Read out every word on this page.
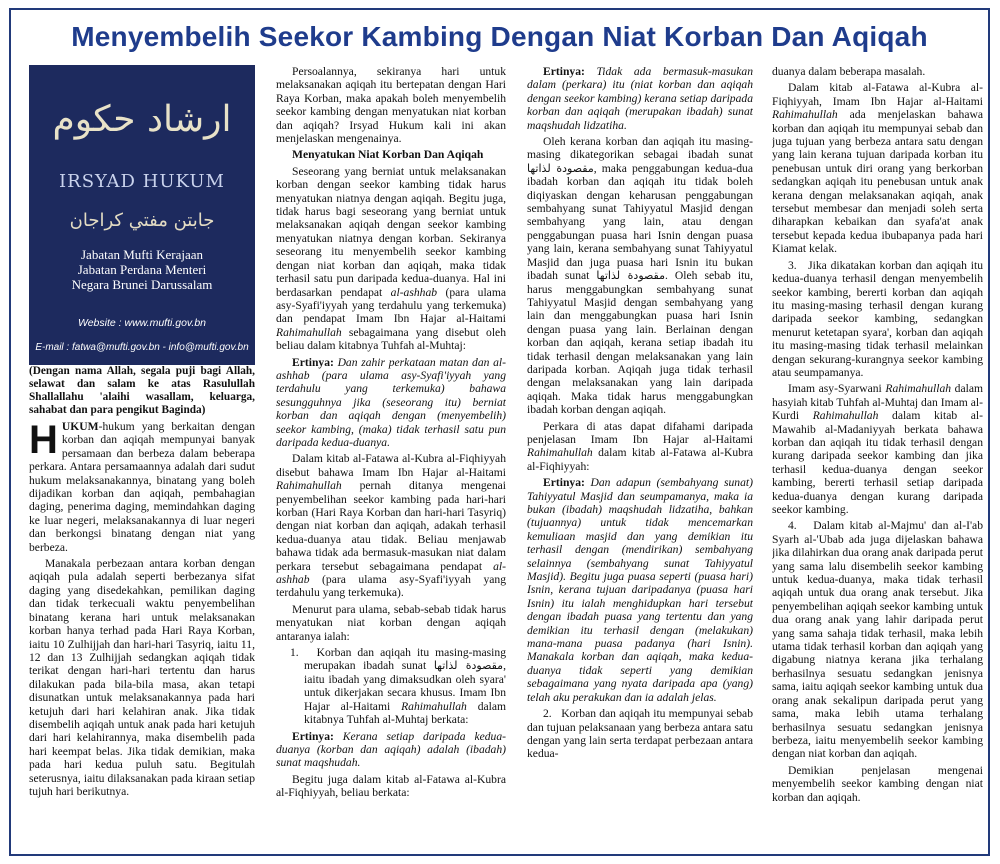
Menyembelih Seekor Kambing Dengan Niat Korban Dan Aqiqah
ارشاد حكوم
IRSYAD HUKUM
جابتن مفتي كراجان
Jabatan Mufti Kerajaan
Jabatan Perdana Menteri
Negara Brunei Darussalam
Website : www.mufti.gov.bn
E-mail : fatwa@mufti.gov.bn - info@mufti.gov.bn

(Dengan nama Allah, segala puji bagi Allah, selawat dan salam ke atas Rasulullah Shallallahu 'alaihi wasallam, keluarga, sahabat dan para pengikut Baginda)

HUKUM-hukum yang berkaitan dengan korban dan aqiqah mempunyai banyak persamaan dan berbeza dalam beberapa perkara. Antara persamaannya adalah dari sudut hukum melaksanakannya, binatang yang boleh dijadikan korban dan aqiqah, pembahagian daging, penerima daging, memindahkan daging ke luar negeri, melaksanakannya di luar negeri dan berkongsi binatang dengan niat yang berbeza.

Manakala perbezaan antara korban dengan aqiqah pula adalah seperti berbezanya sifat daging yang disedekahkan, pemilikan daging dan tidak terkecuali waktu penyembelihan binatang kerana hari untuk melaksanakan korban hanya terhad pada Hari Raya Korban, iaitu 10 Zulhijjah dan hari-hari Tasyriq, iaitu 11, 12 dan 13 Zulhijjah sedangkan aqiqah tidak terikat dengan hari-hari tertentu dan harus dilakukan pada bila-bila masa, akan tetapi disunatkan untuk melaksanakannya pada hari ketujuh dari hari kelahiran anak. Jika tidak disembelih aqiqah untuk anak pada hari ketujuh dari hari kelahirannya, maka disembelih pada hari keempat belas. Jika tidak demikian, maka pada hari kedua puluh satu. Begitulah seterusnya, iaitu dilaksanakan pada kiraan setiap tujuh hari berikutnya.

Persoalannya, sekiranya hari untuk melaksanakan aqiqah itu bertepatan dengan Hari Raya Korban, maka apakah boleh menyembelih seekor kambing dengan menyatukan niat korban dan aqiqah? Irsyad Hukum kali ini akan menjelaskan mengenainya.

Menyatukan Niat Korban Dan Aqiqah

Seseorang yang berniat untuk melaksanakan korban dengan seekor kambing tidak harus menyatukan niatnya dengan aqiqah. Begitu juga, tidak harus bagi seseorang yang berniat untuk melaksanakan aqiqah dengan seekor kambing menyatukan niatnya dengan korban. Sekiranya seseorang itu menyembelih seekor kambing dengan niat korban dan aqiqah, maka tidak terhasil satu pun daripada kedua-duanya. Hal ini berdasarkan pendapat al-ashhab (para ulama asy-Syafi'iyyah yang terdahulu yang terkemuka) dan pendapat Imam Ibn Hajar al-Haitami Rahimahullah sebagaimana yang disebut oleh beliau dalam kitabnya Tuhfah al-Muhtaj:

Ertinya: Dan zahir perkataan matan dan al-ashhab (para ulama asy-Syafi'iyyah yang terdahulu yang terkemuka) bahawa sesungguhnya jika (seseorang itu) berniat korban dan aqiqah dengan (menyembelih) seekor kambing, (maka) tidak terhasil satu pun daripada kedua-duanya.

Dalam kitab al-Fatawa al-Kubra al-Fiqhiyyah disebut bahawa Imam Ibn Hajar al-Haitami Rahimahullah pernah ditanya mengenai penyembelihan seekor kambing pada hari-hari korban (Hari Raya Korban dan hari-hari Tasyriq) dengan niat korban dan aqiqah, adakah terhasil kedua-duanya atau tidak. Beliau menjawab bahawa tidak ada bermasuk-masukan niat dalam perkara tersebut sebagaimana pendapat al-ashhab (para ulama asy-Syafi'iyyah yang terdahulu yang terkemuka).

Menurut para ulama, sebab-sebab tidak harus menyatukan niat korban dengan aqiqah antaranya ialah:

1. Korban dan aqiqah itu masing-masing merupakan ibadah sunat مقصودة لذاتها, iaitu ibadah yang dimaksudkan oleh syara' untuk dikerjakan secara khusus. Imam Ibn Hajar al-Haitami Rahimahullah dalam kitabnya Tuhfah al-Muhtaj berkata:

Ertinya: Kerana setiap daripada kedua-duanya (korban dan aqiqah) adalah (ibadah) sunat maqshudah.

Begitu juga dalam kitab al-Fatawa al-Kubra al-Fiqhiyyah, beliau berkata:

Ertinya: Tidak ada bermasuk-masukan dalam (perkara) itu (niat korban dan aqiqah dengan seekor kambing) kerana setiap daripada korban dan aqiqah (merupakan ibadah) sunat maqshudah lidzatiha.

Oleh kerana korban dan aqiqah itu masing-masing dikategorikan sebagai ibadah sunat مقصودة لذاتها, maka penggabungan kedua-dua ibadah korban dan aqiqah itu tidak boleh diqiyaskan dengan keharusan penggabungan sembahyang sunat Tahiyyatul Masjid dengan sembahyang yang lain, atau dengan penggabungan puasa hari Isnin dengan puasa yang lain, kerana sembahyang sunat Tahiyyatul Masjid dan juga puasa hari Isnin itu bukan ibadah sunat مقصودة لذاتها. Oleh sebab itu, harus menggabungkan sembahyang sunat Tahiyyatul Masjid dengan sembahyang yang lain dan menggabungkan puasa hari Isnin dengan puasa yang lain. Berlainan dengan korban dan aqiqah, kerana setiap ibadah itu tidak terhasil dengan melaksanakan yang lain daripada korban. Aqiqah juga tidak terhasil dengan melaksanakan yang lain daripada aqiqah. Maka tidak harus menggabungkan ibadah korban dengan aqiqah.

Perkara di atas dapat difahami daripada penjelasan Imam Ibn Hajar al-Haitami Rahimahullah dalam kitab al-Fatawa al-Kubra al-Fiqhiyyah:

Ertinya: Dan adapun (sembahyang sunat) Tahiyyatul Masjid dan seumpamanya, maka ia bukan (ibadah) maqshudah lidzatiha, bahkan (tujuannya) untuk tidak mencemarkan kemuliaan masjid dan yang demikian itu terhasil dengan (mendirikan) sembahyang selainnya (sembahyang sunat Tahiyyatul Masjid). Begitu juga puasa seperti (puasa hari) Isnin, kerana tujuan daripadanya (puasa hari Isnin) itu ialah menghidupkan hari tersebut dengan ibadah puasa yang tertentu dan yang demikian itu terhasil dengan (melakukan) mana-mana puasa padanya (hari Isnin). Manakala korban dan aqiqah, maka kedua-duanya tidak seperti yang demikian sebagaimana yang nyata daripada apa (yang) telah aku perakukan dan ia adalah jelas.

2. Korban dan aqiqah itu mempunyai sebab dan tujuan pelaksanaan yang berbeza antara satu dengan yang lain serta terdapat perbezaan antara kedua-

duanya dalam beberapa masalah.

Dalam kitab al-Fatawa al-Kubra al-Fiqhiyyah, Imam Ibn Hajar al-Haitami Rahimahullah ada menjelaskan bahawa korban dan aqiqah itu mempunyai sebab dan juga tujuan yang berbeza antara satu dengan yang lain kerana tujuan daripada korban itu penebusan untuk diri orang yang berkorban sedangkan aqiqah itu penebusan untuk anak kerana dengan melaksanakan aqiqah, anak tersebut membesar dan menjadi soleh serta diharapkan kebaikan dan syafa'at anak tersebut kepada kedua ibubapanya pada hari Kiamat kelak.

3. Jika dikatakan korban dan aqiqah itu kedua-duanya terhasil dengan menyembelih seekor kambing, bererti korban dan aqiqah itu masing-masing terhasil dengan kurang daripada seekor kambing, sedangkan menurut ketetapan syara', korban dan aqiqah itu masing-masing tidak terhasil melainkan dengan sekurang-kurangnya seekor kambing atau seumpamanya.

Imam asy-Syarwani Rahimahullah dalam hasyiah kitab Tuhfah al-Muhtaj dan Imam al-Kurdi Rahimahullah dalam kitab al-Mawahib al-Madaniyyah berkata bahawa korban dan aqiqah itu tidak terhasil dengan kurang daripada seekor kambing dan jika terhasil kedua-duanya dengan seekor kambing, bererti terhasil setiap daripada kedua-duanya dengan kurang daripada seekor kambing.

4. Dalam kitab al-Majmu' dan al-I'ab Syarh al-'Ubab ada juga dijelaskan bahawa jika dilahirkan dua orang anak daripada perut yang sama lalu disembelih seekor kambing untuk kedua-duanya, maka tidak terhasil aqiqah untuk dua orang anak tersebut. Jika penyembelihan aqiqah seekor kambing untuk dua orang anak yang lahir daripada perut yang sama sahaja tidak terhasil, maka lebih utama tidak terhasil korban dan aqiqah yang digabung niatnya kerana jika terhalang berhasilnya sesuatu sedangkan jenisnya sama, iaitu aqiqah seekor kambing untuk dua orang anak sekalipun daripada perut yang sama, maka lebih utama terhalang berhasilnya sesuatu sedangkan jenisnya berbeza, iaitu menyembelih seekor kambing dengan niat korban dan aqiqah.

Demikian penjelasan mengenai menyembelih seekor kambing dengan niat korban dan aqiqah.
